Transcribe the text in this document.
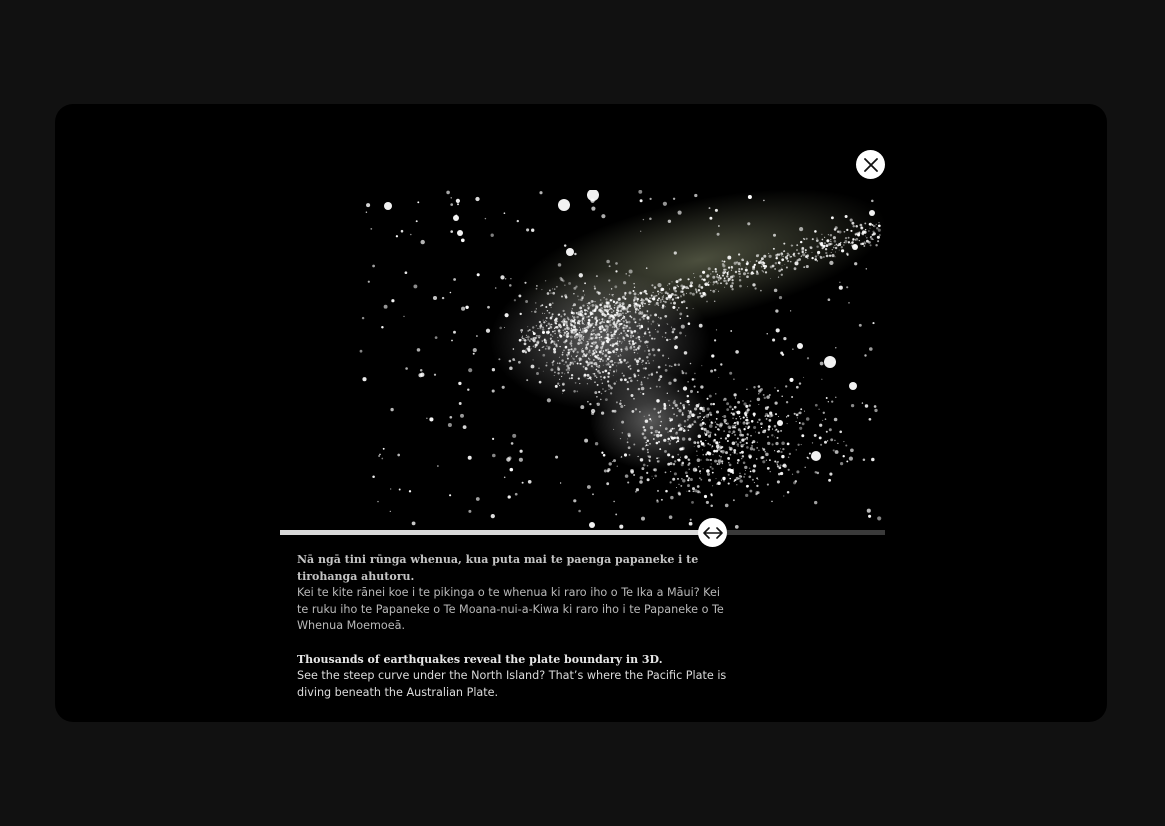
Nā ngā tini rūnga whenua, kua puta mai te paenga papaneke i te tirohanga ahutoru.
Kei te kite rānei koe i te pikinga o te whenua ki raro iho o Te Ika a Māui? Kei te ruku iho te Papaneke o Te Moana-nui-a-Kiwa ki raro iho i te Papaneke o Te Whenua Moemoeā.

Thousands of earthquakes reveal the plate boundary in 3D.
See the steep curve under the North Island? That’s where the Pacific Plate is diving beneath the Australian Plate.
